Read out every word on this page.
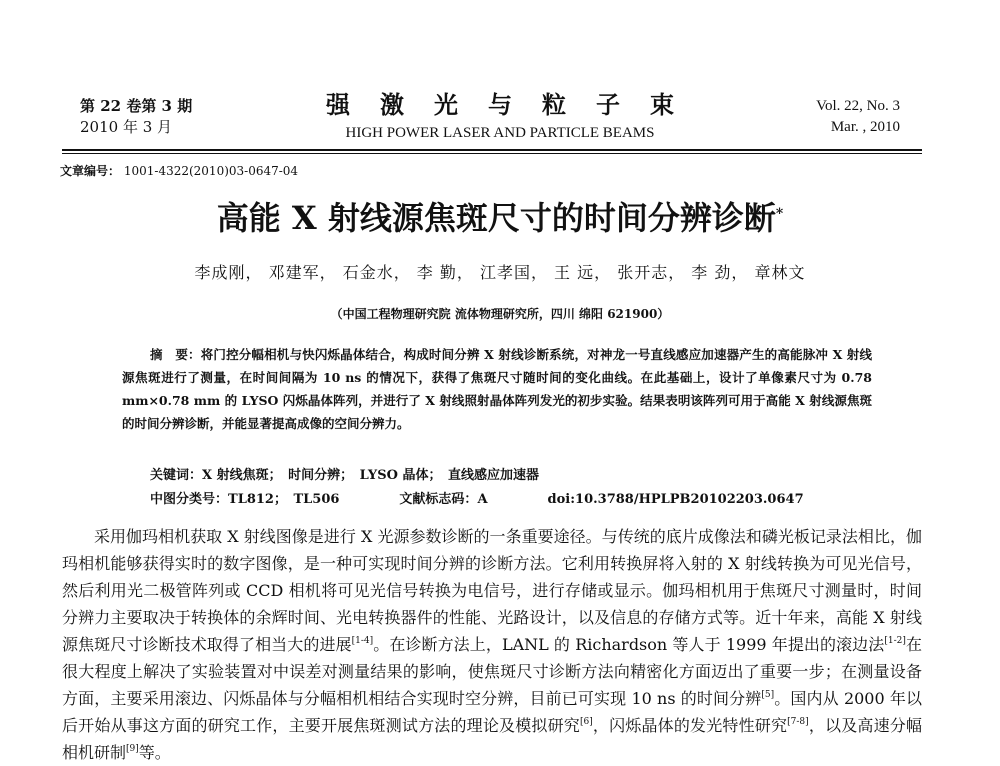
第 22 卷第 3 期
2010 年 3 月
强激光与粒子束
HIGH POWER LASER AND PARTICLE BEAMS
Vol. 22, No. 3
Mar. , 2010
文章编号： 1001-4322(2010)03-0647-04
高能 X 射线源焦斑尺寸的时间分辨诊断*
李成刚， 邓建军， 石金水， 李 勤， 江孝国， 王 远， 张开志， 李 劲， 章林文
（中国工程物理研究院 流体物理研究所，四川 绵阳 621900）
摘　要：将门控分幅相机与快闪烁晶体结合，构成时间分辨 X 射线诊断系统，对神龙一号直线感应加速器产生的高能脉冲 X 射线源焦斑进行了测量，在时间间隔为 10 ns 的情况下，获得了焦斑尺寸随时间的变化曲线。在此基础上，设计了单像素尺寸为 0.78 mm×0.78 mm 的 LYSO 闪烁晶体阵列，并进行了 X 射线照射晶体阵列发光的初步实验。结果表明该阵列可用于高能 X 射线源焦斑的时间分辨诊断，并能显著提高成像的空间分辨力。
关键词：X 射线焦斑；　时间分辨；　LYSO 晶体；　直线感应加速器
中图分类号：TL812；　TL506	文献标志码：A	doi:10.3788/HPLPB20102203.0647
采用伽玛相机获取 X 射线图像是进行 X 光源参数诊断的一条重要途径。与传统的底片成像法和磷光板记录法相比，伽玛相机能够获得实时的数字图像，是一种可实现时间分辨的诊断方法。它利用转换屏将入射的 X 射线转换为可见光信号，然后利用光二极管阵列或 CCD 相机将可见光信号转换为电信号，进行存储或显示。伽玛相机用于焦斑尺寸测量时，时间分辨力主要取决于转换体的余辉时间、光电转换器件的性能、光路设计，以及信息的存储方式等。近十年来，高能 X 射线源焦斑尺寸诊断技术取得了相当大的进展[1-4]。在诊断方法上，LANL 的 Richardson 等人于 1999 年提出的滚边法[1-2]在很大程度上解决了实验装置对中误差对测量结果的影响，使焦斑尺寸诊断方法向精密化方面迈出了重要一步；在测量设备方面，主要采用滚边、闪烁晶体与分幅相机相结合实现时空分辨，目前已可实现 10 ns 的时间分辨[5]。国内从 2000 年以后开始从事这方面的研究工作，主要开展焦斑测试方法的理论及模拟研究[6]，闪烁晶体的发光特性研究[7-8]，以及高速分幅相机研制[9]等。
